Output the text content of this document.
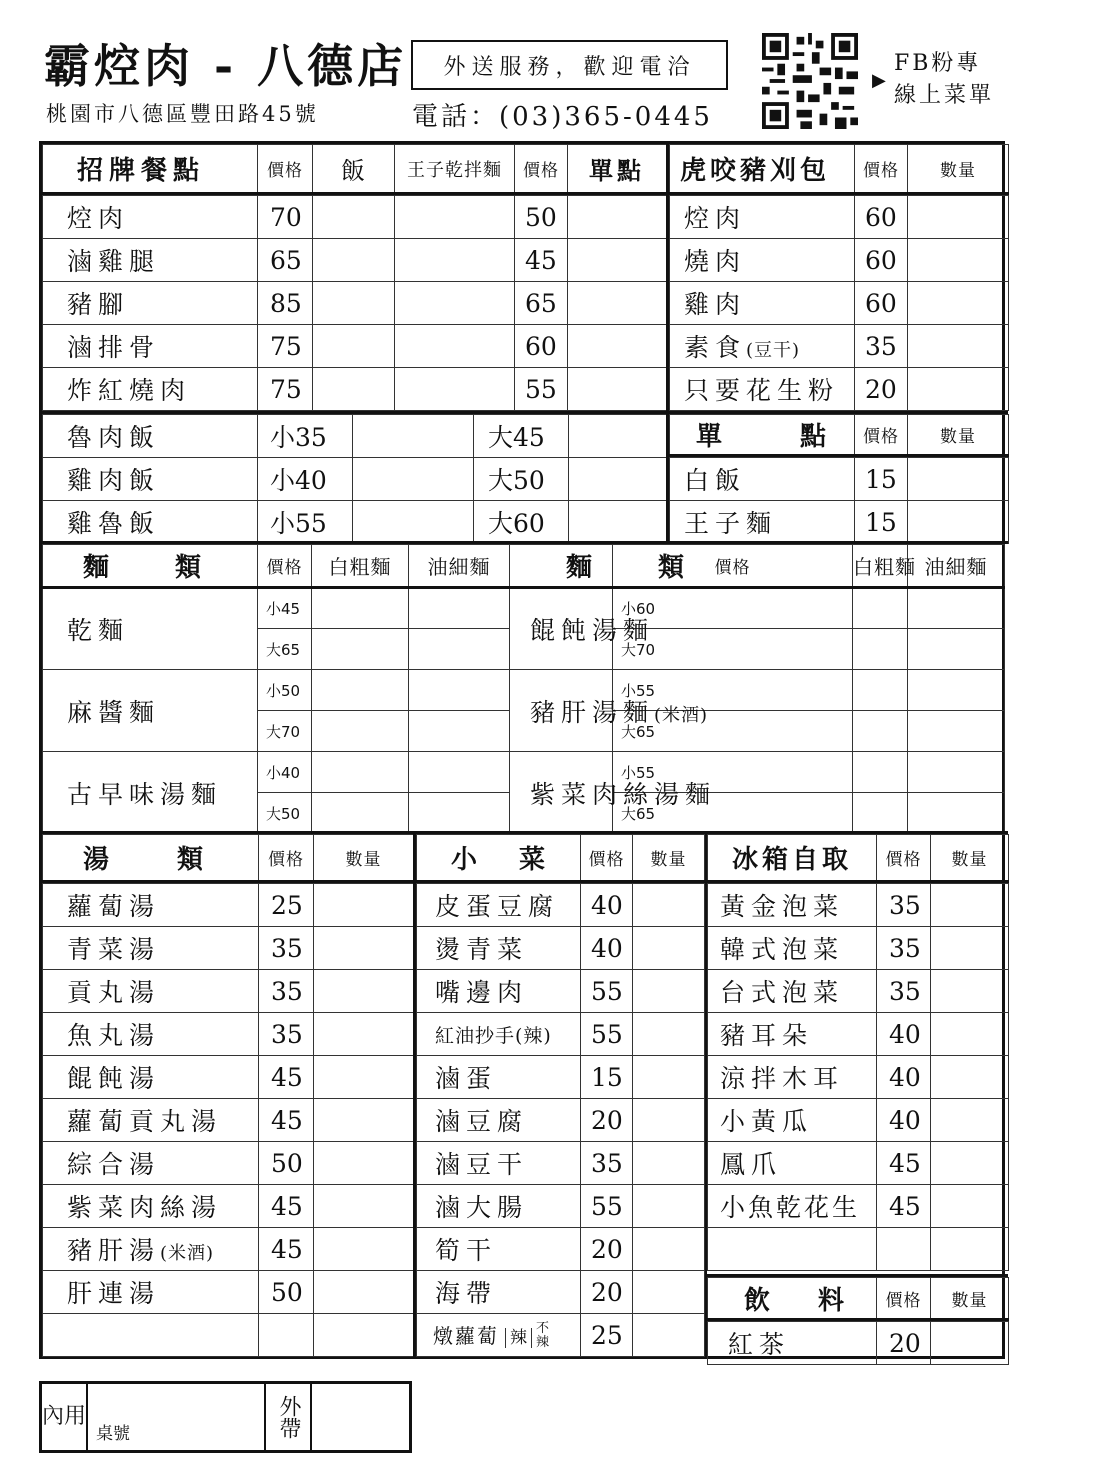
霸焢肉 - 八德店
桃園市八德區豐田路45號	電話：(03)365-0445
外送服務，歡迎電洽
▶
FB粉專
線上菜單
招牌餐點	價格	飯	王子乾拌麵	價格	單點
焢肉	70			50	
滷雞腿	65			45	
豬腳	85			65	
滷排骨	75			60	
炸紅燒肉	75			55	
魯肉飯	小35		大45	
雞肉飯	小40		大50	
雞魯飯	小55		大60	
虎咬豬刈包	價格	數量
焢肉	60	
燒肉	60	
雞肉	60	
素食(豆干)	35	
只要花生粉	20	
單	點	價格	數量
白飯	15	
王子麵	15	
麵 類	價格	白粗麵	油細麵	麵 類	價格	白粗麵	油細麵
乾麵	小45			餛飩湯麵	小60		
	大65				大70		
麻醬麵	小50			豬肝湯麵(米酒)	小55		
	大70				大65		
古早味湯麵	小40			紫菜肉絲湯麵	小55		
	大50				大65		
湯 類	價格	數量
蘿蔔湯	25	
青菜湯	35	
貢丸湯	35	
魚丸湯	35	
餛飩湯	45	
蘿蔔貢丸湯	45	
綜合湯	50	
紫菜肉絲湯	45	
豬肝湯(米酒)	45	
肝連湯	50	

小 菜	價格	數量
皮蛋豆腐	40	
燙青菜	40	
嘴邊肉	55	
紅油抄手(辣)	55	
滷蛋	15	
滷豆腐	20	
滷豆干	35	
滷大腸	55	
筍干	20	
海帶	20	
燉蘿蔔 辣 不辣	25	
冰箱自取	價格	數量
黃金泡菜	35	
韓式泡菜	35	
台式泡菜	35	
豬耳朵	40	
涼拌木耳	40	
小黃瓜	40	
鳳爪	45	
小魚乾花生	45	

飲 料	價格	數量
紅茶	20	
內用
桌號	外帶
